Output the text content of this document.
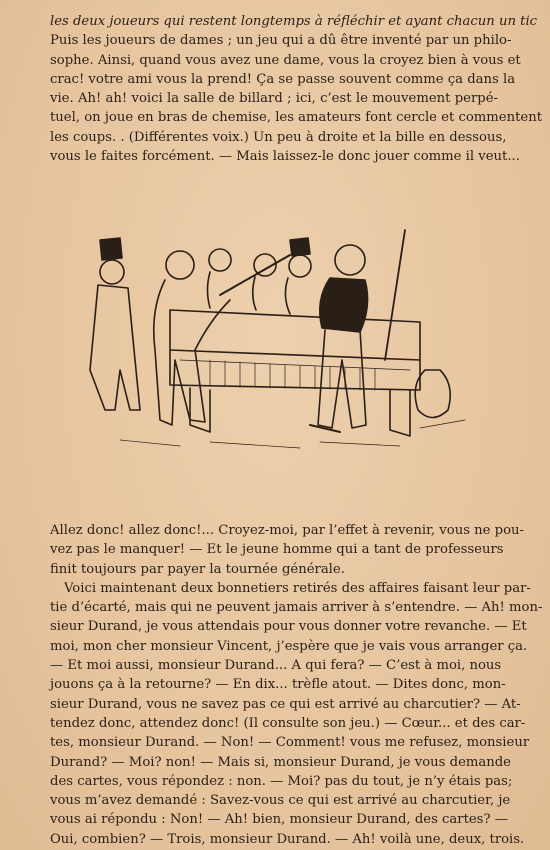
les deux joueurs qui restent longtemps à réfléchir et ayant chacun un tic
Puis les joueurs de dames ; un jeu qui a dû être inventé par un philo-
sophe. Ainsi, quand vous avez une dame, vous la croyez bien à vous et
crac! votre ami vous la prend! Ça se passe souvent comme ça dans la
vie. Ah! ah! voici la salle de billard ; ici, c’est le mouvement perpé-
tuel, on joue en bras de chemise, les amateurs font cercle et commentent
les coups. . (Différentes voix.) Un peu à droite et la bille en dessous,
vous le faites forcément. — Mais laissez-le donc jouer comme il veut...
Allez donc! allez donc!... Croyez-moi, par l’effet à revenir, vous ne pou-
vez pas le manquer! — Et le jeune homme qui a tant de professeurs
finit toujours par payer la tournée générale.
Voici maintenant deux bonnetiers retirés des affaires faisant leur par-
tie d’écarté, mais qui ne peuvent jamais arriver à s’entendre. — Ah! mon-
sieur Durand, je vous attendais pour vous donner votre revanche. — Et
moi, mon cher monsieur Vincent, j’espère que je vais vous arranger ça.
— Et moi aussi, monsieur Durand... A qui fera? — C’est à moi, nous
jouons ça à la retourne? — En dix... trèfle atout. — Dites donc, mon-
sieur Durand, vous ne savez pas ce qui est arrivé au charcutier? — At-
tendez donc, attendez donc! (Il consulte son jeu.) — Cœur... et des car-
tes, monsieur Durand. — Non! — Comment! vous me refusez, monsieur
Durand? — Moi? non! — Mais si, monsieur Durand, je vous demande
des cartes, vous répondez : non. — Moi? pas du tout, je n’y étais pas;
vous m’avez demandé : Savez-vous ce qui est arrivé au charcutier, je
vous ai répondu : Non! — Ah! bien, monsieur Durand, des cartes? —
Oui, combien? — Trois, monsieur Durand. — Ah! voilà une, deux, trois.
